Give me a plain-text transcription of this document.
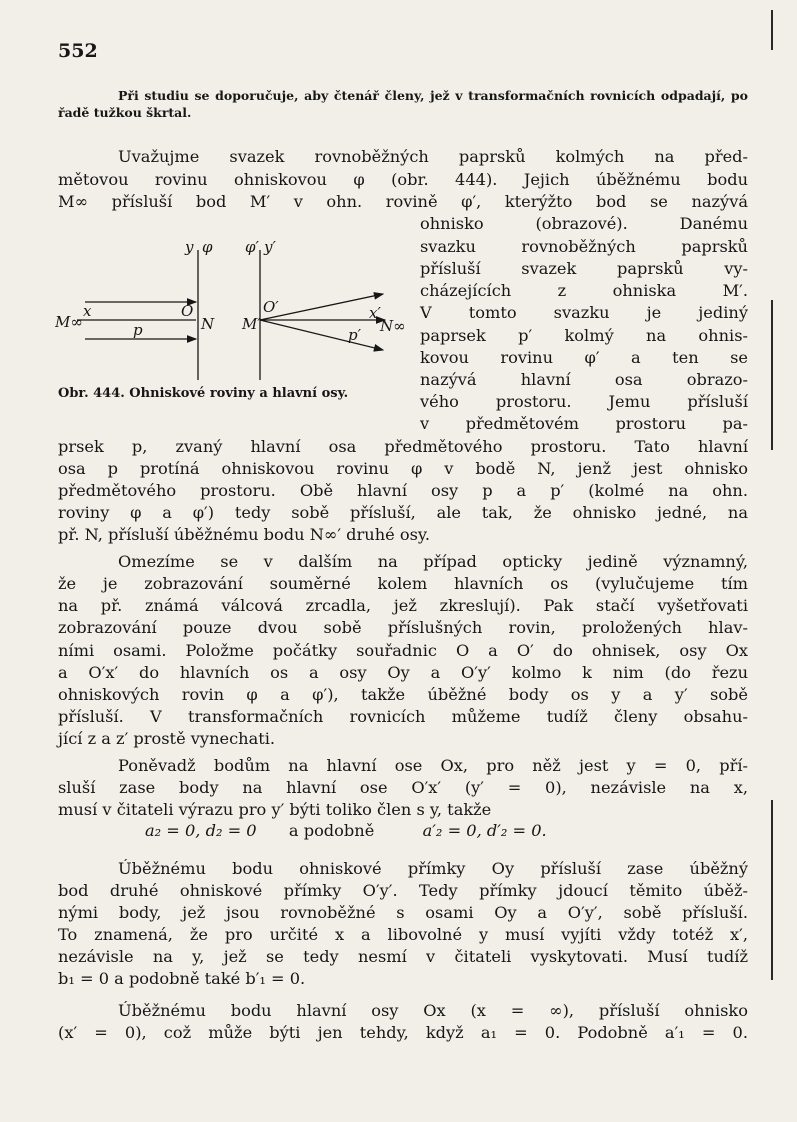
552
Při studiu se doporučuje, aby čtenář členy, jež v transformačních rovnicích odpadají, po řadě tužkou škrtal.
Uvažujme svazek rovnoběžných paprsků kolmých na před-
mětovou rovinu ohniskovou φ (obr. 444). Jejich úběžnému bodu
M∞ přísluší bod M′ v ohn. rovině φ′, kterýžto bod se nazývá
ohnisko (obrazové). Danému
svazku rovnoběžných paprsků
přísluší svazek paprsků vy-
cházejících z ohniska M′.
V tomto svazku je jediný
paprsek p′ kolmý na ohnis-
kovou rovinu φ′ a ten se
nazývá hlavní osa obrazo-
vého prostoru. Jemu přísluší
v předmětovém prostoru pa-
prsek p, zvaný hlavní osa předmětového prostoru. Tato hlavní
osa p protíná ohniskovou rovinu φ v bodě N, jenž jest ohnisko
předmětového prostoru. Obě hlavní osy p a p′ (kolmé na ohn.
roviny φ a φ′) tedy sobě přísluší, ale tak, že ohnisko jedné, na
př. N, přísluší úběžnému bodu N∞′ druhé osy.
Omezíme se v dalším na případ opticky jedině významný,
že je zobrazování souměrné kolem hlavních os (vylučujeme tím
na př. známá válcová zrcadla, jež zkreslují). Pak stačí vyšetřovati
zobrazování pouze dvou sobě příslušných rovin, proložených hlav-
ními osami. Položme počátky souřadnic O a O′ do ohnisek, osy Ox
a O′x′ do hlavních os a osy Oy a O′y′ kolmo k nim (do řezu
ohniskových rovin φ a φ′), takže úběžné body os y a y′ sobě
přísluší. V transformačních rovnicích můžeme tudíž členy obsahu-
jící z a z′ prostě vynechati.
Poněvadž bodům na hlavní ose Ox, pro něž jest y = 0, pří-
sluší zase body na hlavní ose O′x′ (y′ = 0), nezávisle na x,
musí v čitateli výrazu pro y′ býti toliko člen s y, takže
a₂ = 0, d₂ = 0 a podobně	a′₂ = 0, d′₂ = 0.
Úběžnému bodu ohniskové přímky Oy přísluší zase úběžný
bod druhé ohniskové přímky O′y′. Tedy přímky jdoucí těmito úběž-
nými body, jež jsou rovnoběžné s osami Oy a O′y′, sobě přísluší.
To znamená, že pro určité x a libovolné y musí vyjíti vždy totéž x′,
nezávisle na y, jež se tedy nesmí v čitateli vyskytovati. Musí tudíž
b₁ = 0 a podobně také b′₁ = 0.
Úběžnému bodu hlavní osy Ox (x = ∞), přísluší ohnisko
(x′ = 0), což může býti jen tehdy, když a₁ = 0. Podobně a′₁ = 0.
y φ φ′ y′
M∞
x
p
O
N M′
O′	x′
p′ N∞
Obr. 444. Ohniskové roviny a hlavní osy.
